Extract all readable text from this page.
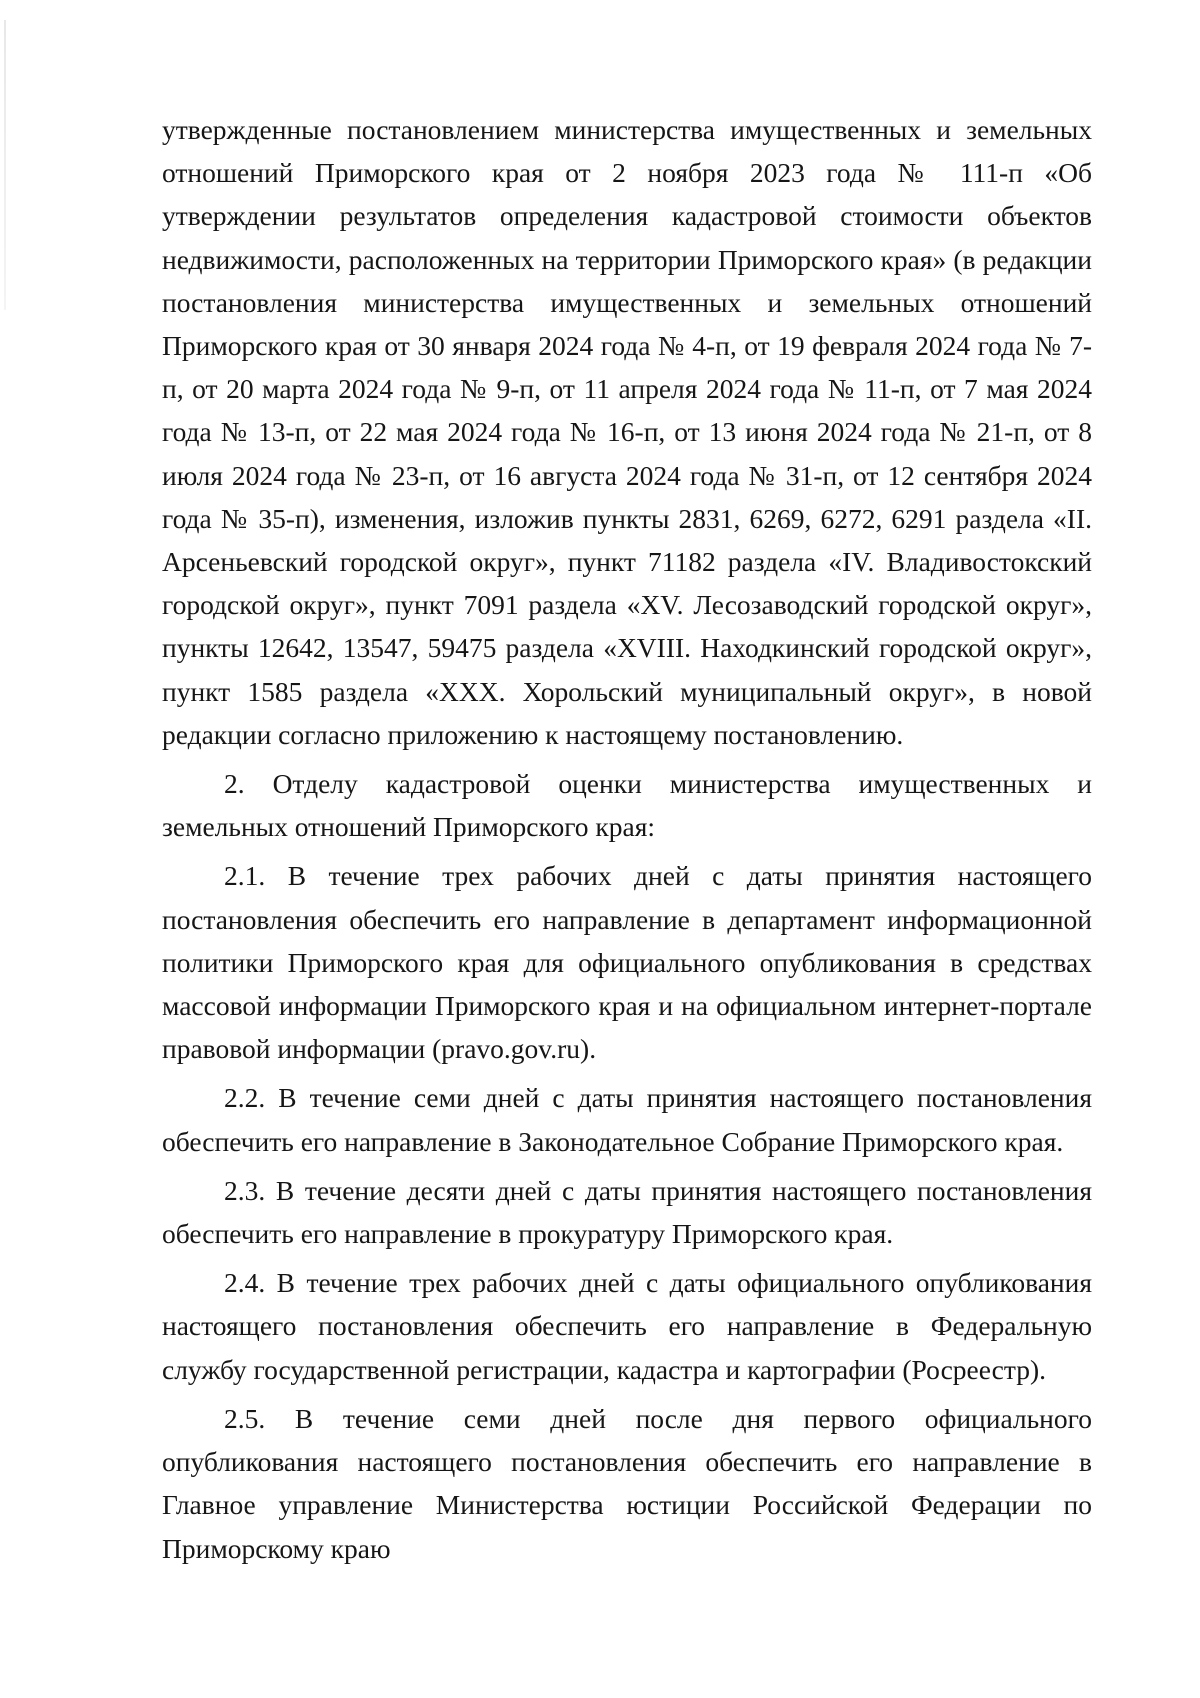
утвержденные постановлением министерства имущественных и земельных отношений Приморского края от 2 ноября 2023 года № 111-п «Об утверждении результатов определения кадастровой стоимости объектов недвижимости, расположенных на территории Приморского края» (в редакции постановления министерства имущественных и земельных отношений Приморского края от 30 января 2024 года № 4-п, от 19 февраля 2024 года № 7-п, от 20 марта 2024 года № 9-п, от 11 апреля 2024 года № 11-п, от 7 мая 2024 года № 13-п, от 22 мая 2024 года № 16-п, от 13 июня 2024 года № 21-п, от 8 июля 2024 года № 23-п, от 16 августа 2024 года № 31-п, от 12 сентября 2024 года № 35-п), изменения, изложив пункты 2831, 6269, 6272, 6291 раздела «II. Арсеньевский городской округ», пункт 71182 раздела «IV. Владивостокский городской округ», пункт 7091 раздела «XV. Лесозаводский городской округ», пункты 12642, 13547, 59475 раздела «XVIII. Находкинский городской округ», пункт 1585 раздела «XXX. Хорольский муниципальный округ», в новой редакции согласно приложению к настоящему постановлению.

2. Отделу кадастровой оценки министерства имущественных и земельных отношений Приморского края:

2.1. В течение трех рабочих дней с даты принятия настоящего постановления обеспечить его направление в департамент информационной политики Приморского края для официального опубликования в средствах массовой информации Приморского края и на официальном интернет-портале правовой информации (pravo.gov.ru).

2.2. В течение семи дней с даты принятия настоящего постановления обеспечить его направление в Законодательное Собрание Приморского края.

2.3. В течение десяти дней с даты принятия настоящего постановления обеспечить его направление в прокуратуру Приморского края.

2.4. В течение трех рабочих дней с даты официального опубликования настоящего постановления обеспечить его направление в Федеральную службу государственной регистрации, кадастра и картографии (Росреестр).

2.5. В течение семи дней после дня первого официального опубликования настоящего постановления обеспечить его направление в Главное управление Министерства юстиции Российской Федерации по Приморскому краю
